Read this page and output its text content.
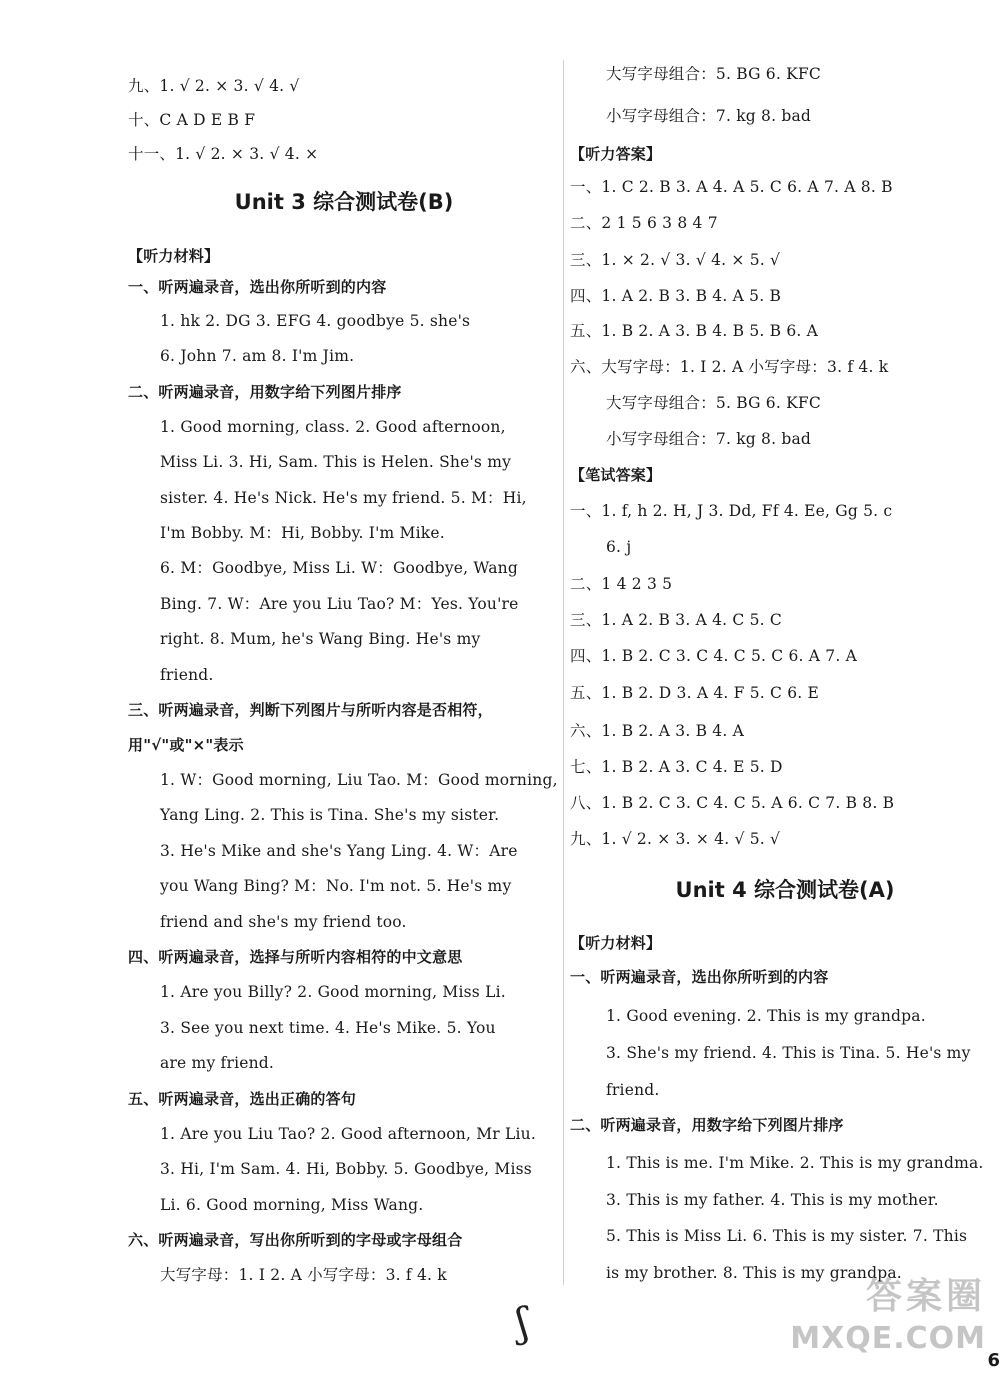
九、1. √ 2. × 3. √ 4. √
十、C A D E B F
十一、1. √ 2. × 3. √ 4. ×
Unit 3 综合测试卷(B)
【听力材料】
一、听两遍录音，选出你所听到的内容
1. hk 2. DG 3. EFG 4. goodbye 5. she's
6. John 7. am 8. I'm Jim.
二、听两遍录音，用数字给下列图片排序
1. Good morning, class. 2. Good afternoon,
Miss Li. 3. Hi, Sam. This is Helen. She's my
sister. 4. He's Nick. He's my friend. 5. M：Hi,
I'm Bobby. M：Hi, Bobby. I'm Mike.
6. M：Goodbye, Miss Li. W：Goodbye, Wang
Bing. 7. W：Are you Liu Tao? M：Yes. You're
right. 8. Mum, he's Wang Bing. He's my
friend.
三、听两遍录音，判断下列图片与所听内容是否相符，
用"√"或"×"表示
1. W：Good morning, Liu Tao. M：Good morning,
Yang Ling. 2. This is Tina. She's my sister.
3. He's Mike and she's Yang Ling. 4. W：Are
you Wang Bing? M：No. I'm not. 5. He's my
friend and she's my friend too.
四、听两遍录音，选择与所听内容相符的中文意思
1. Are you Billy? 2. Good morning, Miss Li.
3. See you next time. 4. He's Mike. 5. You
are my friend.
五、听两遍录音，选出正确的答句
1. Are you Liu Tao? 2. Good afternoon, Mr Liu.
3. Hi, I'm Sam. 4. Hi, Bobby. 5. Goodbye, Miss
Li. 6. Good morning, Miss Wang.
六、听两遍录音，写出你所听到的字母或字母组合
大写字母：1. I 2. A 小写字母：3. f 4. k
大写字母组合：5. BG 6. KFC
小写字母组合：7. kg 8. bad
【听力答案】
一、1. C 2. B 3. A 4. A 5. C 6. A 7. A 8. B
二、2 1 5 6 3 8 4 7
三、1. × 2. √ 3. √ 4. × 5. √
四、1. A 2. B 3. B 4. A 5. B
五、1. B 2. A 3. B 4. B 5. B 6. A
六、大写字母：1. I 2. A 小写字母：3. f 4. k
大写字母组合：5. BG 6. KFC
小写字母组合：7. kg 8. bad
【笔试答案】
一、1. f, h 2. H, J 3. Dd, Ff 4. Ee, Gg 5. c
6. j
二、1 4 2 3 5
三、1. A 2. B 3. A 4. C 5. C
四、1. B 2. C 3. C 4. C 5. C 6. A 7. A
五、1. B 2. D 3. A 4. F 5. C 6. E
六、1. B 2. A 3. B 4. A
七、1. B 2. A 3. C 4. E 5. D
八、1. B 2. C 3. C 4. C 5. A 6. C 7. B 8. B
九、1. √ 2. × 3. × 4. √ 5. √
Unit 4 综合测试卷(A)
【听力材料】
一、听两遍录音，选出你所听到的内容
1. Good evening. 2. This is my grandpa.
3. She's my friend. 4. This is Tina. 5. He's my
friend.
二、听两遍录音，用数字给下列图片排序
1. This is me. I'm Mike. 2. This is my grandma.
3. This is my father. 4. This is my mother.
5. This is Miss Li. 6. This is my sister. 7. This
is my brother. 8. This is my grandpa.
6
ʃ
答案圈
MXQE.COM
